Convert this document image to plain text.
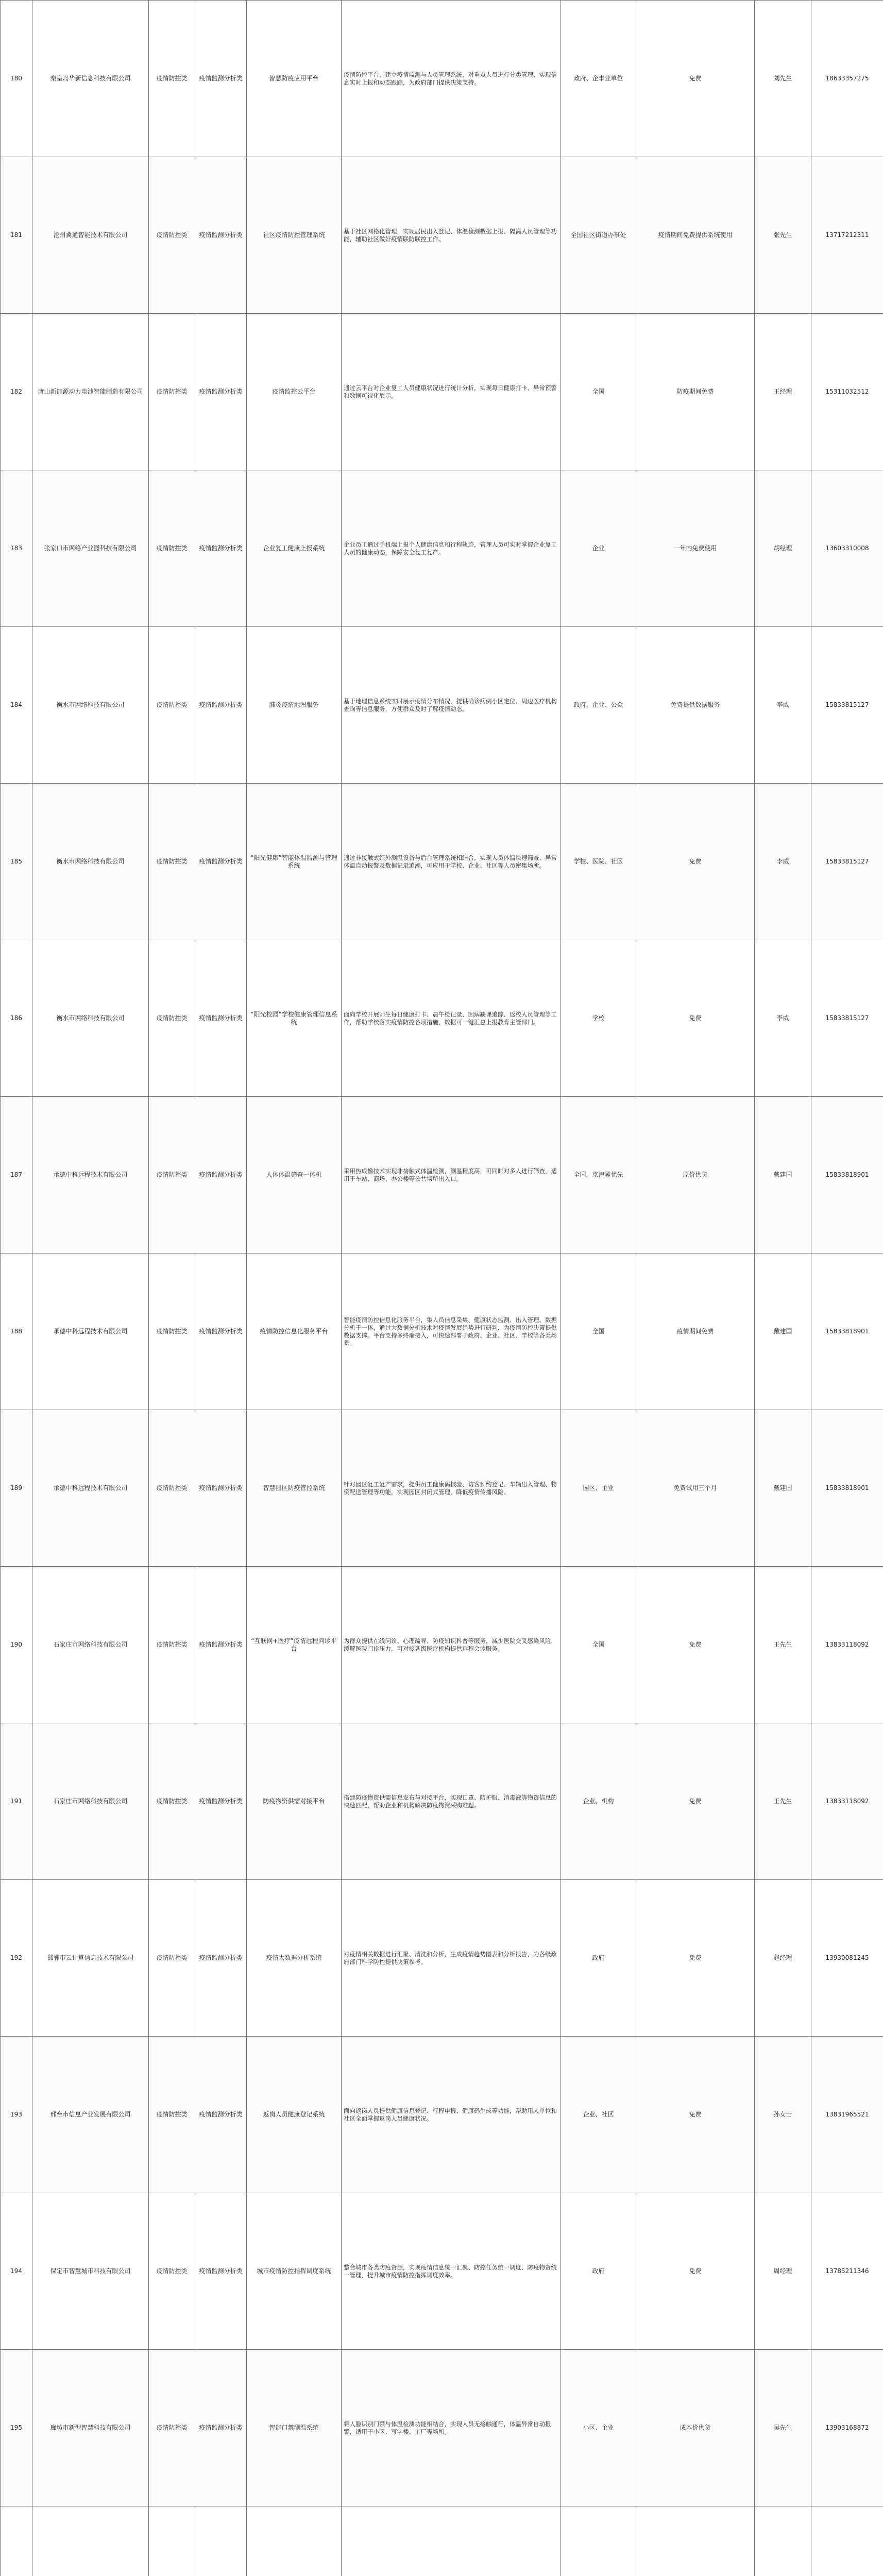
180	秦皇岛华新信息科技有限公司	疫情防控类	疫情监测分析类	智慧防疫应用平台	疫情防控平台，建立疫情监测与人员管理系统，对重点人员进行分类管理，实现信息实时上报和动态跟踪，为政府部门提供决策支持。	政府、企事业单位	免费	刘先生	18633357275
181	沧州冀通智能技术有限公司	疫情防控类	疫情监测分析类	社区疫情防控管理系统	基于社区网格化管理，实现居民出入登记、体温检测数据上报、隔离人员管理等功能，辅助社区做好疫情联防联控工作。	全国社区街道办事处	疫情期间免费提供系统使用	张先生	13717212311
182	唐山新能源动力电池智能制造有限公司	疫情防控类	疫情监测分析类	疫情监控云平台	通过云平台对企业复工人员健康状况进行统计分析，实现每日健康打卡、异常预警和数据可视化展示。	全国	防疫期间免费	王经理	15311032512
183	张家口市网络产业园科技有限公司	疫情防控类	疫情监测分析类	企业复工健康上报系统	企业员工通过手机端上报个人健康信息和行程轨迹，管理人员可实时掌握企业复工人员的健康动态，保障安全复工复产。	企业	一年内免费使用	胡经理	13603310008
184	衡水市网络科技有限公司	疫情防控类	疫情监测分析类	肺炎疫情地图服务	基于地理信息系统实时展示疫情分布情况，提供确诊病例小区定位、周边医疗机构查询等信息服务，方便群众及时了解疫情动态。	政府、企业、公众	免费提供数据服务	李威	15833815127
185	衡水市网络科技有限公司	疫情防控类	疫情监测分析类	“阳光健康”智能体温监测与管理系统	通过非接触式红外测温设备与后台管理系统相结合，实现人员体温快速筛查、异常体温自动报警及数据记录追溯，可应用于学校、企业、社区等人员密集场所。	学校、医院、社区	免费	李威	15833815127
186	衡水市网络科技有限公司	疫情防控类	疫情监测分析类	“阳光校园”学校健康管理信息系统	面向学校开展师生每日健康打卡、晨午检记录、因病缺课追踪、返校人员管理等工作，帮助学校落实疫情防控各项措施，数据可一键汇总上报教育主管部门。	学校	免费	李威	15833815127
187	承德中科远程技术有限公司	疫情防控类	疫情监测分析类	人体体温筛查一体机	采用热成像技术实现非接触式体温检测，测温精度高，可同时对多人进行筛查，适用于车站、商场、办公楼等公共场所出入口。	全国，京津冀优先	原价供货	戴建国	15833818901
188	承德中科远程技术有限公司	疫情防控类	疫情监测分析类	疫情防控信息化服务平台	智能疫情防控信息化服务平台，集人员信息采集、健康状态监测、出入管理、数据分析于一体，通过大数据分析技术对疫情发展趋势进行研判，为疫情防控决策提供数据支撑。平台支持多终端接入，可快速部署于政府、企业、社区、学校等各类场景。	全国	疫情期间免费	戴建国	15833818901
189	承德中科远程技术有限公司	疫情防控类	疫情监测分析类	智慧园区防疫管控系统	针对园区复工复产需求，提供员工健康码核验、访客预约登记、车辆出入管理、物资配送管理等功能，实现园区封闭式管理，降低疫情传播风险。	园区、企业	免费试用三个月	戴建国	15833818901
190	石家庄市网络科技有限公司	疫情防控类	疫情监测分析类	“互联网+医疗”疫情远程问诊平台	为群众提供在线问诊、心理疏导、防疫知识科普等服务，减少医院交叉感染风险，缓解医院门诊压力，可对接各级医疗机构提供远程会诊服务。	全国	免费	王先生	13833118092
191	石家庄市网络科技有限公司	疫情防控类	疫情监测分析类	防疫物资供需对接平台	搭建防疫物资供需信息发布与对接平台，实现口罩、防护服、消毒液等物资信息的快速匹配，帮助企业和机构解决防疫物资采购难题。	企业、机构	免费	王先生	13833118092
192	邯郸市云计算信息技术有限公司	疫情防控类	疫情监测分析类	疫情大数据分析系统	对疫情相关数据进行汇聚、清洗和分析，生成疫情趋势图表和分析报告，为各级政府部门科学防控提供决策参考。	政府	免费	赵经理	13930081245
193	邢台市信息产业发展有限公司	疫情防控类	疫情监测分析类	返岗人员健康登记系统	面向返岗人员提供健康信息登记、行程申报、健康码生成等功能，帮助用人单位和社区全面掌握返岗人员健康状况。	企业、社区	免费	孙女士	13831965521
194	保定市智慧城市科技有限公司	疫情防控类	疫情监测分析类	城市疫情防控指挥调度系统	整合城市各类防疫资源，实现疫情信息统一汇聚、防控任务统一调度、防疫物资统一管理，提升城市疫情防控指挥调度效率。	政府	免费	周经理	13785211346
195	廊坊市新型智慧科技有限公司	疫情防控类	疫情监测分析类	智能门禁测温系统	将人脸识别门禁与体温检测功能相结合，实现人员无接触通行，体温异常自动报警，适用于小区、写字楼、工厂等场所。	小区、企业	成本价供货	吴先生	13903168872
